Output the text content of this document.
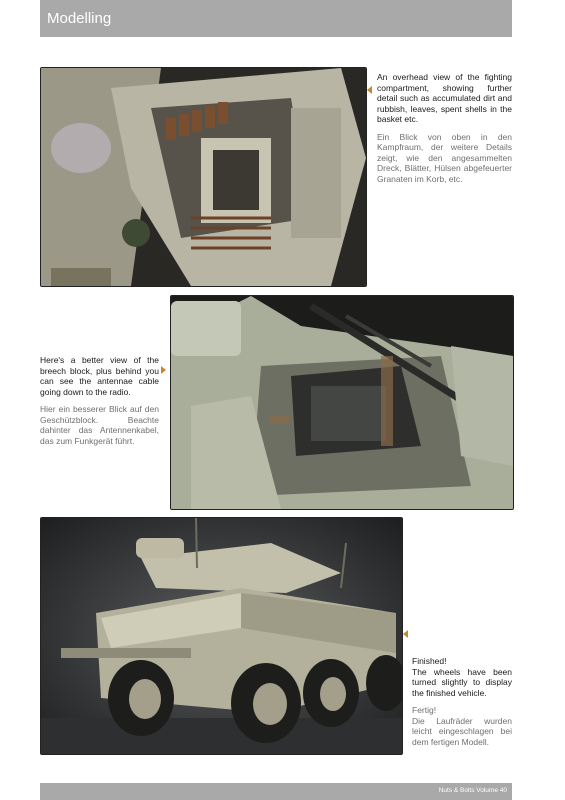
Modelling
An overhead view of the fighting compartment, showing further detail such as accumulated dirt and rubbish, leaves, spent shells in the basket etc.
Ein Blick von oben in den Kampfraum, der weitere Details zeigt, wie den angesammelten Dreck, Blätter, Hülsen abgefeuerter Granaten im Korb, etc.
Here's a better view of the breech block, plus behind you can see the antennae cable going down to the radio.
Hier ein besserer Blick auf den Geschützblock. Beachte dahinter das Antennenkabel, das zum Funkgerät führt.
Finished!
The wheels have been turned slightly to display the finished vehicle.
Fertig!
Die Laufräder wurden leicht eingeschlagen bei dem fertigen Modell.
Nuts & Bolts Volume 40
